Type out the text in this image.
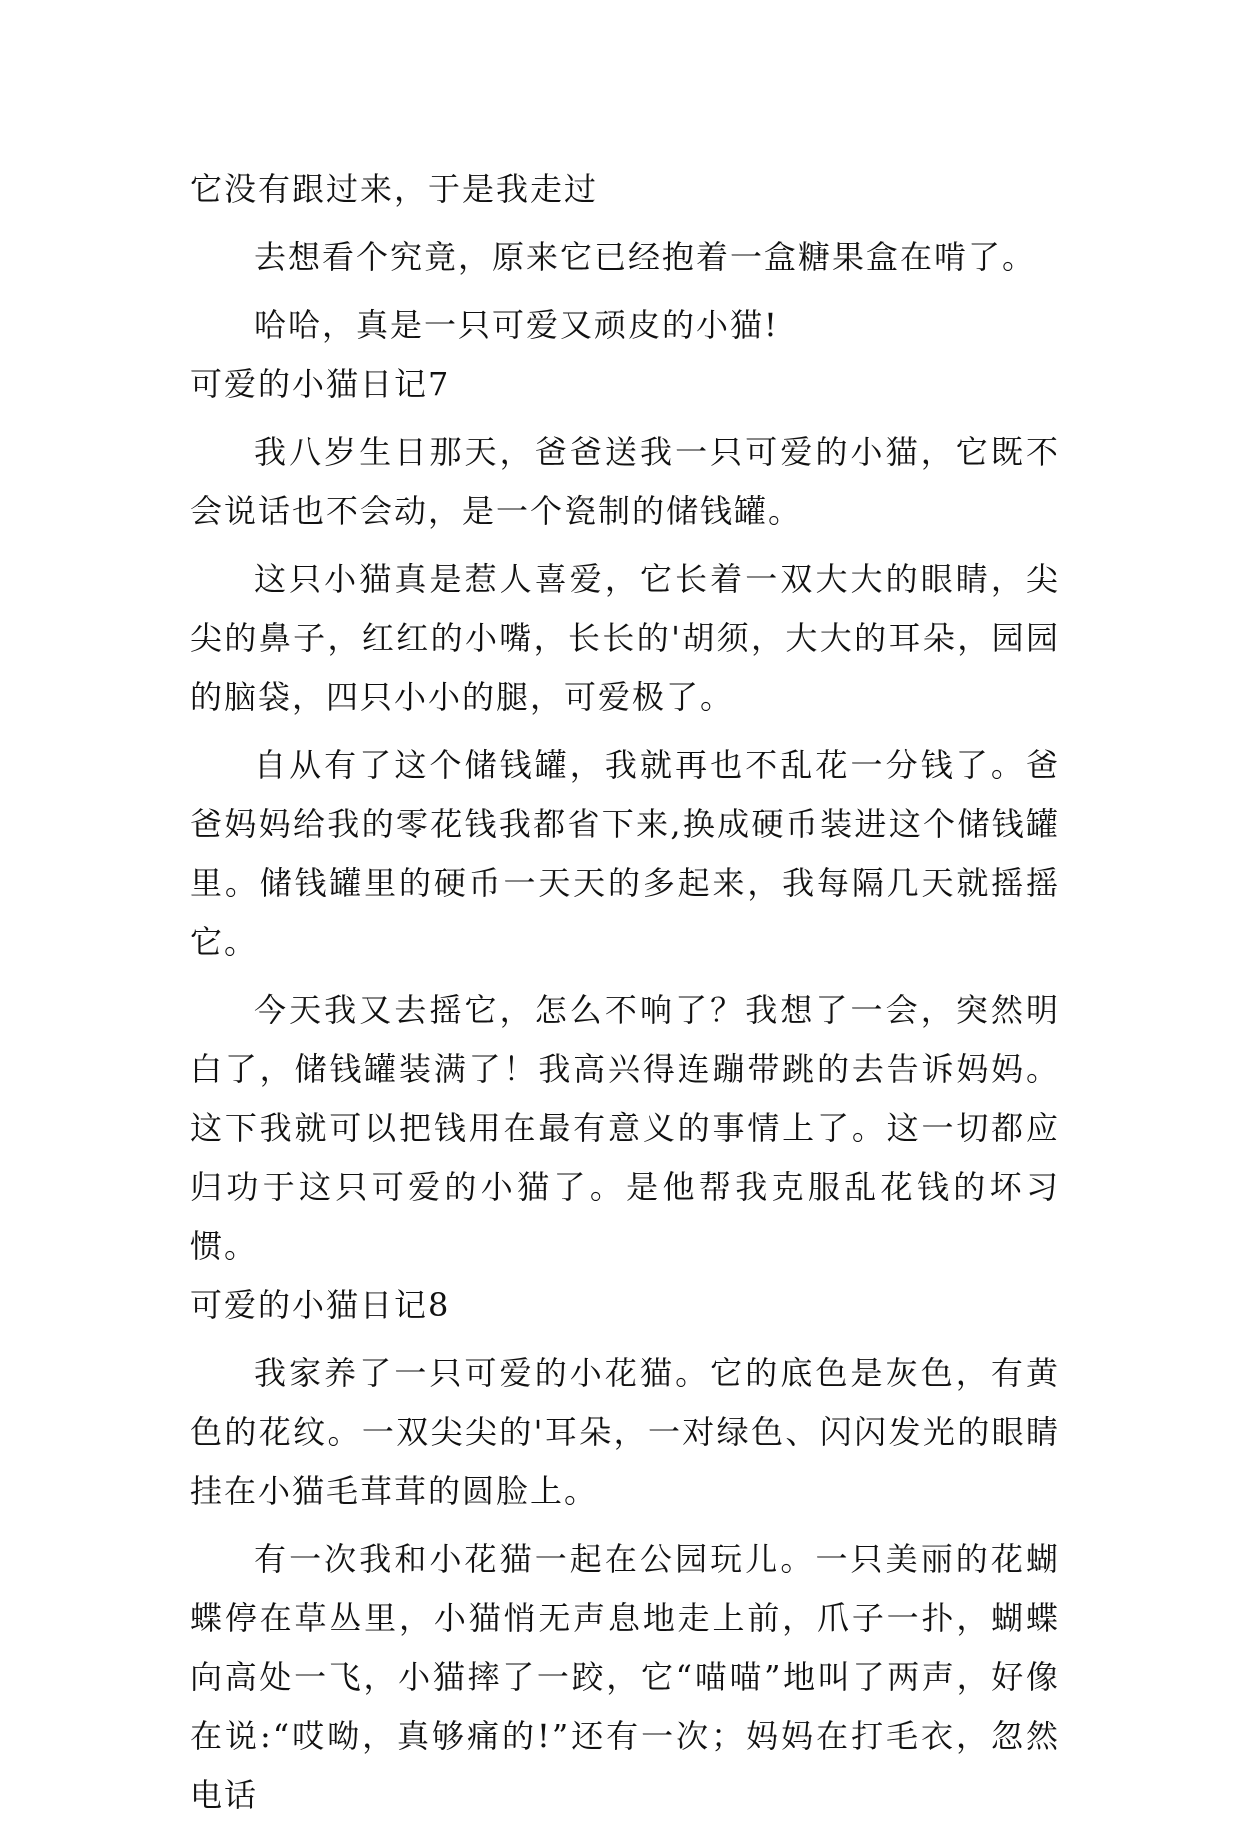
它没有跟过来，于是我走过

去想看个究竟，原来它已经抱着一盒糖果盒在啃了。

哈哈，真是一只可爱又顽皮的小猫!

可爱的小猫日记7

我八岁生日那天，爸爸送我一只可爱的小猫，它既不会说话也不会动，是一个瓷制的储钱罐。

这只小猫真是惹人喜爱，它长着一双大大的眼睛，尖尖的鼻子，红红的小嘴，长长的'胡须，大大的耳朵，园园的脑袋，四只小小的腿，可爱极了。

自从有了这个储钱罐，我就再也不乱花一分钱了。爸爸妈妈给我的零花钱我都省下来,换成硬币装进这个储钱罐里。储钱罐里的硬币一天天的多起来，我每隔几天就摇摇它。

今天我又去摇它，怎么不响了？我想了一会，突然明白了，储钱罐装满了！我高兴得连蹦带跳的去告诉妈妈。这下我就可以把钱用在最有意义的事情上了。这一切都应归功于这只可爱的小猫了。是他帮我克服乱花钱的坏习惯。

可爱的小猫日记8

我家养了一只可爱的小花猫。它的底色是灰色，有黄色的花纹。一双尖尖的'耳朵，一对绿色、闪闪发光的眼睛挂在小猫毛茸茸的圆脸上。

有一次我和小花猫一起在公园玩儿。一只美丽的花蝴蝶停在草丛里，小猫悄无声息地走上前，爪子一扑，蝴蝶向高处一飞，小猫摔了一跤，它“喵喵”地叫了两声，好像在说:“哎呦，真够痛的!”还有一次；妈妈在打毛衣，忽然电话
